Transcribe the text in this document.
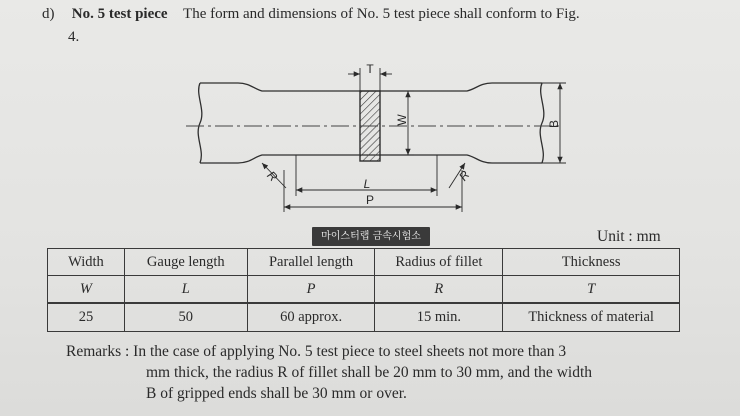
d) No. 5 test piece The form and dimensions of No. 5 test piece shall conform to Fig.
4.
T
W	B
R	R
L
P
마이스터랩 금속시험소	Unit : mm
Width	Gauge length	Parallel length	Radius of fillet	Thickness
W	L	P	R	T
25	50	60 approx.	15 min.	Thickness of material
Remarks : In the case of applying No. 5 test piece to steel sheets not more than 3
mm thick, the radius R of fillet shall be 20 mm to 30 mm, and the width
B of gripped ends shall be 30 mm or over.
